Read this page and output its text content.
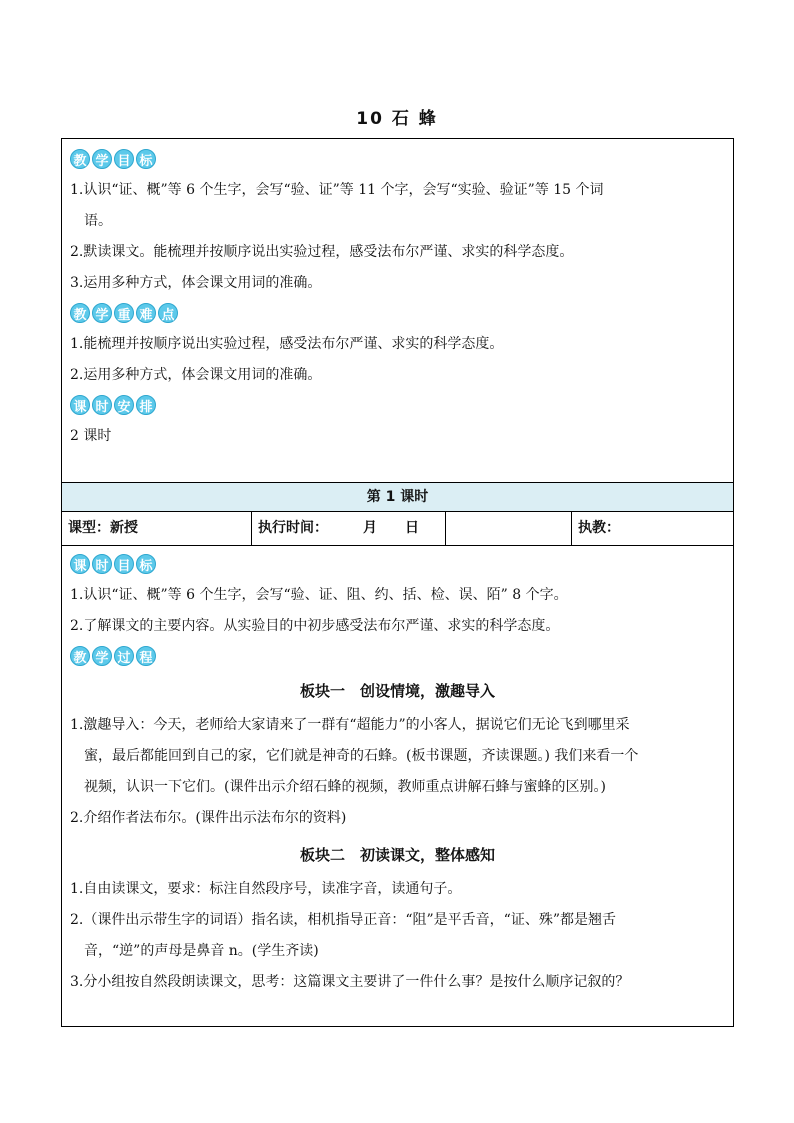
10 石 蜂
教 学 目 标
1.认识“证、概”等 6 个生字，会写“验、证”等 11 个字，会写“实验、验证”等 15 个词
语。
2.默读课文。能梳理并按顺序说出实验过程，感受法布尔严谨、求实的科学态度。
3.运用多种方式，体会课文用词的准确。
教 学 重 难 点
1.能梳理并按顺序说出实验过程，感受法布尔严谨、求实的科学态度。
2.运用多种方式，体会课文用词的准确。
课 时 安 排
2 课时
第 1 课时
课型：新授	执行时间：　　　月　　日	执教：
课 时 目 标
1.认识“证、概”等 6 个生字，会写“验、证、阻、约、括、检、误、陌” 8 个字。
2.了解课文的主要内容。从实验目的中初步感受法布尔严谨、求实的科学态度。
教 学 过 程
板块一　创设情境，激趣导入
1.激趣导入：今天，老师给大家请来了一群有“超能力”的小客人，据说它们无论飞到哪里采
蜜，最后都能回到自己的家，它们就是神奇的石蜂。(板书课题，齐读课题。) 我们来看一个
视频，认识一下它们。(课件出示介绍石蜂的视频，教师重点讲解石蜂与蜜蜂的区别。)
2.介绍作者法布尔。(课件出示法布尔的资料)
板块二　初读课文，整体感知
1.自由读课文，要求：标注自然段序号，读准字音，读通句子。
2.（课件出示带生字的词语）指名读，相机指导正音：“阻”是平舌音，“证、殊”都是翘舌
音，“逆”的声母是鼻音 n。(学生齐读)
3.分小组按自然段朗读课文，思考：这篇课文主要讲了一件什么事？是按什么顺序记叙的？
